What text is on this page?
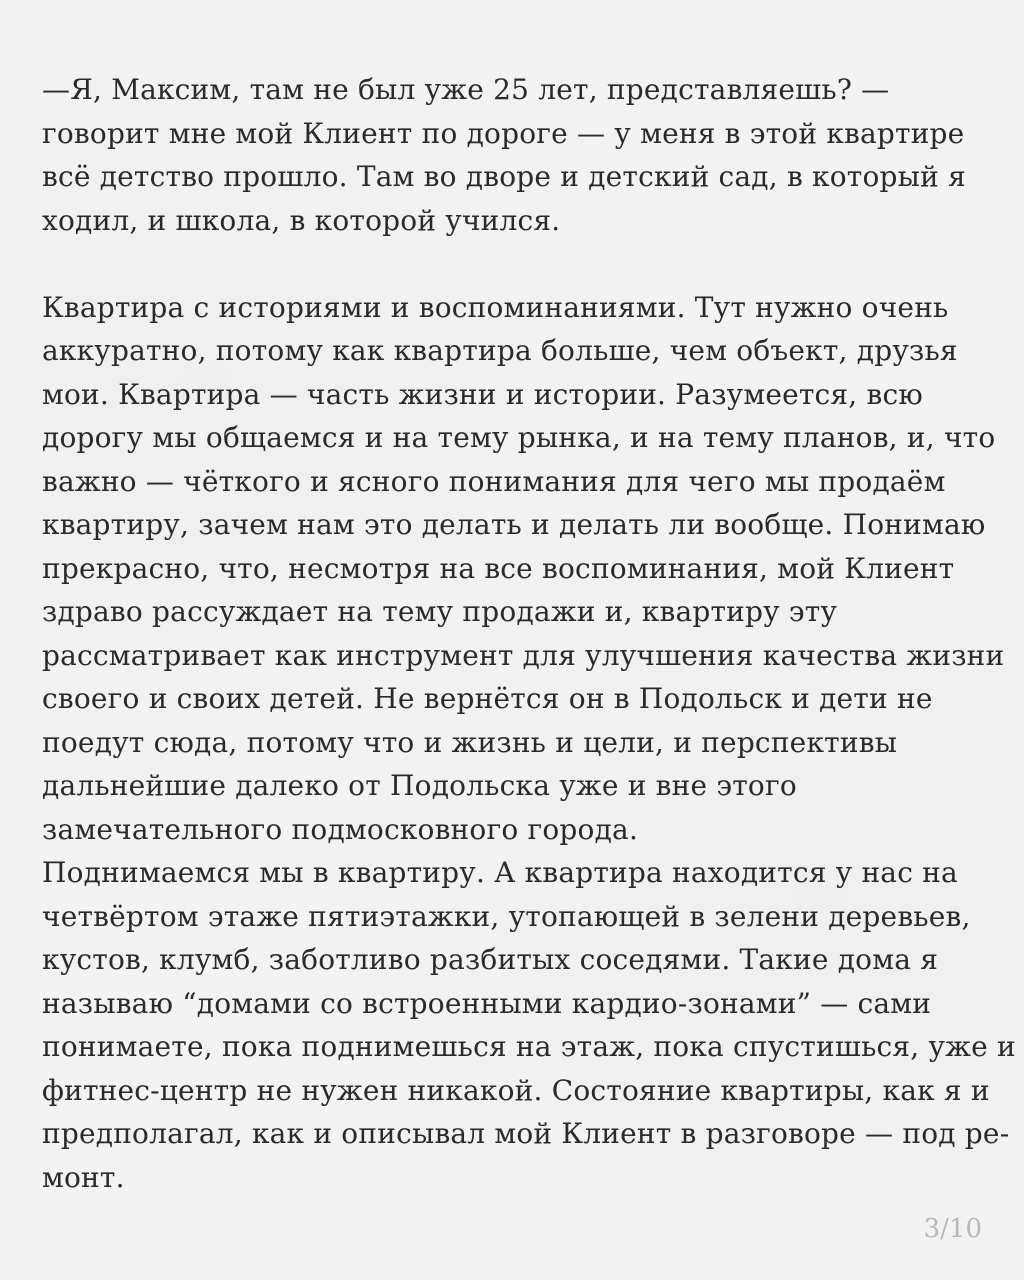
—Я, Максим, там не был уже 25 лет, представляешь? —
говорит мне мой Клиент по дороге — у меня в этой квартире
всё детство прошло. Там во дворе и детский сад, в который я
ходил, и школа, в которой учился.
Квартира с историями и воспоминаниями. Тут нужно очень
аккуратно, потому как квартира больше, чем объект, друзья
мои. Квартира — часть жизни и истории. Разумеется, всю
дорогу мы общаемся и на тему рынка, и на тему планов, и, что
важно — чёткого и ясного понимания для чего мы продаём
квартиру, зачем нам это делать и делать ли вообще. Понимаю
прекрасно, что, несмотря на все воспоминания, мой Клиент
здраво рассуждает на тему продажи и, квартиру эту
рассматривает как инструмент для улучшения качества жизни
своего и своих детей. Не вернётся он в Подольск и дети не
поедут сюда, потому что и жизнь и цели, и перспективы
дальнейшие далеко от Подольска уже и вне этого
замечательного подмосковного города.
Поднимаемся мы в квартиру. А квартира находится у нас на
четвёртом этаже пятиэтажки, утопающей в зелени деревьев,
кустов, клумб, заботливо разбитых соседями. Такие дома я
называю “домами со встроенными кардио-зонами” — сами
понимаете, пока поднимешься на этаж, пока спустишься, уже и
фитнес-центр не нужен никакой. Состояние квартиры, как я и
предполагал, как и описывал мой Клиент в разговоре — под ре-
монт.
3/10
